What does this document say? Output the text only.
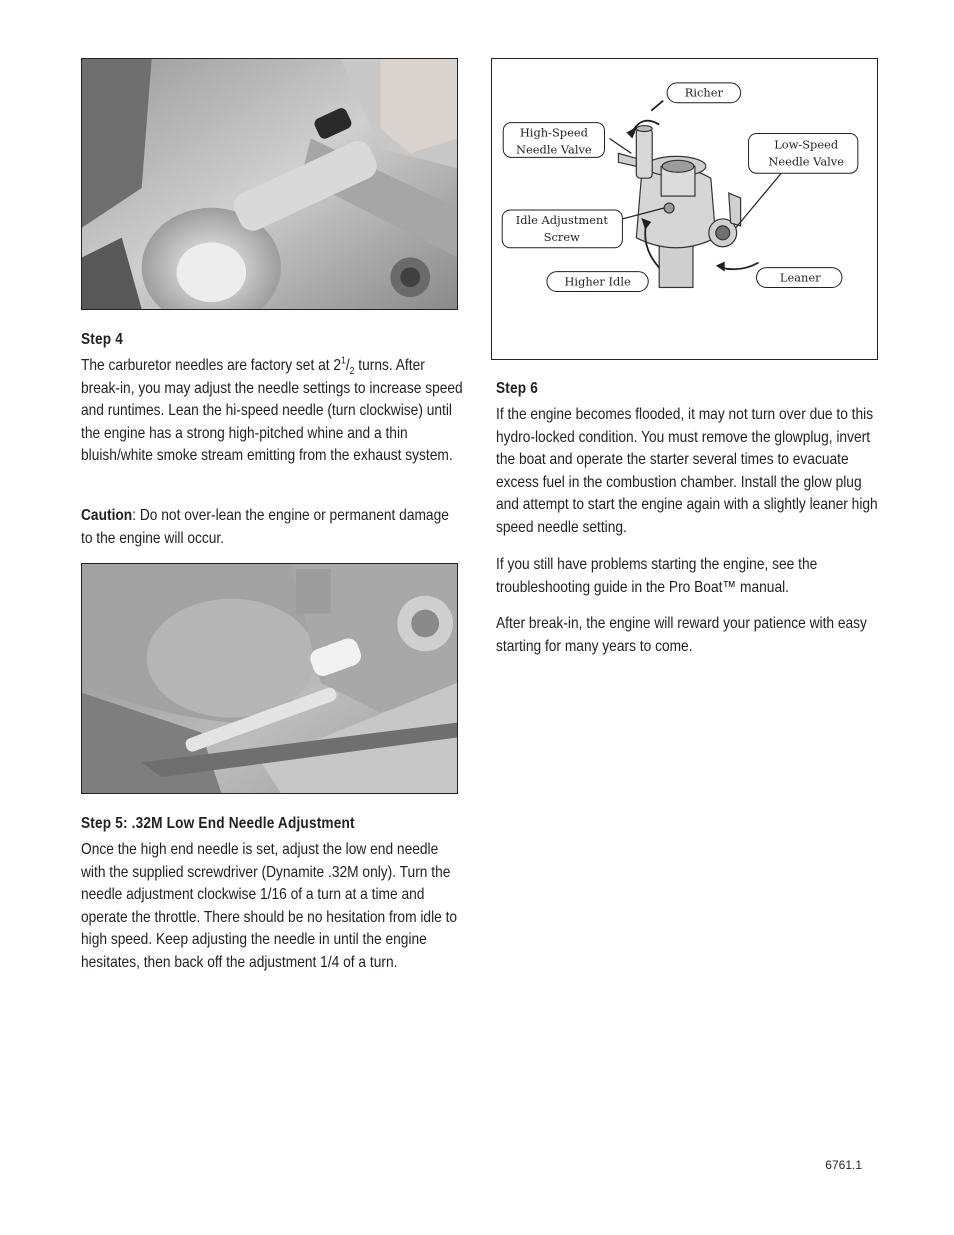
Richer
High-Speed
Needle Valve	Low-Speed
Needle Valve
Idle Adjustment
Screw
Higher Idle	Leaner
Step 4

The carburetor needles are factory set at $2^1/_2$ turns. After break-in, you may adjust the needle settings to increase speed and runtimes. Lean the hi-speed needle (turn clockwise) until the engine has a strong high-pitched whine and a thin bluish/white smoke stream emitting from the exhaust system.

Caution: Do not over-lean the engine or permanent damage to the engine will occur.

Step 5: .32M Low End Needle Adjustment

Once the high end needle is set, adjust the low end needle with the supplied screwdriver (Dynamite .32M only). Turn the needle adjustment clockwise 1/16 of a turn at a time and operate the throttle. There should be no hesitation from idle to high speed. Keep adjusting the needle in until the engine hesitates, then back off the adjustment 1/4 of a turn.

Step 6

If the engine becomes flooded, it may not turn over due to this hydro-locked condition. You must remove the glowplug, invert the boat and operate the starter several times to evacuate excess fuel in the combustion chamber. Install the glow plug and attempt to start the engine again with a slightly leaner high speed needle setting.

If you still have problems starting the engine, see the troubleshooting guide in the Pro Boat™ manual.

After break-in, the engine will reward your patience with easy starting for many years to come.

6761.1
